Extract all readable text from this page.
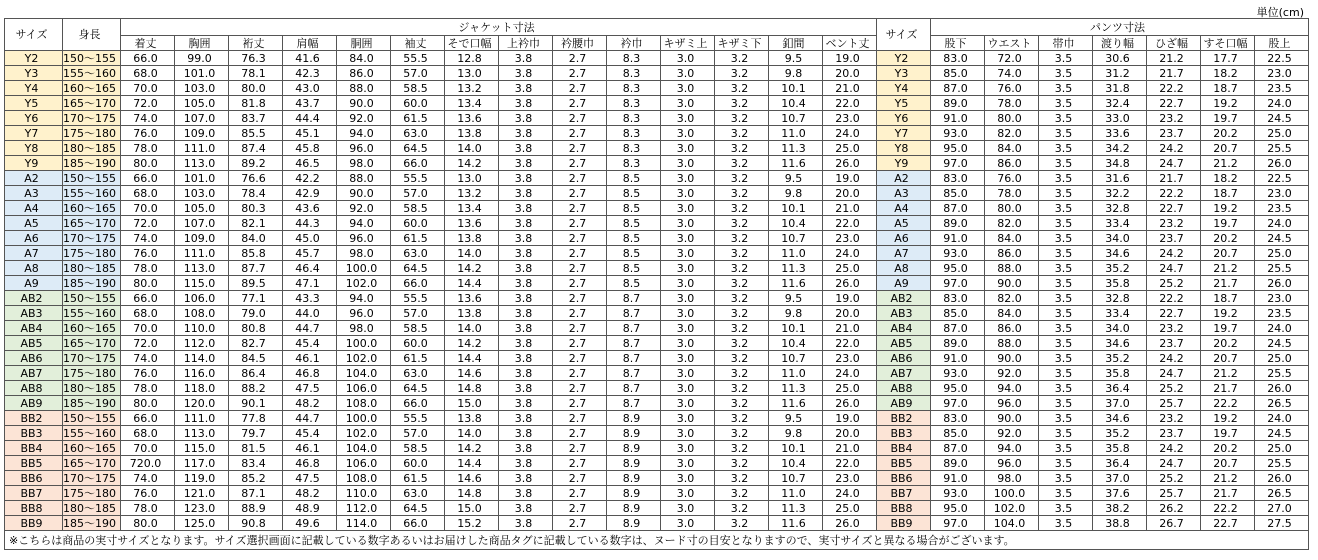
単位(cm)
サイズ	身長	ジャケット寸法														サイズ	パンツ寸法						
		着丈	胸囲	裄丈	肩幅	胴囲	袖丈	そで口幅	上衿巾	衿腰巾	衿巾	キザミ上	キザミ下	釦間	ベント丈		股下	ウエスト	帯巾	渡り幅	ひざ幅	すそ口幅	股上
Y2	150～155	66.0	99.0	76.3	41.6	84.0	55.5	12.8	3.8	2.7	8.3	3.0	3.2	9.5	19.0	Y2	83.0	72.0	3.5	30.6	21.2	17.7	22.5
Y3	155～160	68.0	101.0	78.1	42.3	86.0	57.0	13.0	3.8	2.7	8.3	3.0	3.2	9.8	20.0	Y3	85.0	74.0	3.5	31.2	21.7	18.2	23.0
Y4	160～165	70.0	103.0	80.0	43.0	88.0	58.5	13.2	3.8	2.7	8.3	3.0	3.2	10.1	21.0	Y4	87.0	76.0	3.5	31.8	22.2	18.7	23.5
Y5	165～170	72.0	105.0	81.8	43.7	90.0	60.0	13.4	3.8	2.7	8.3	3.0	3.2	10.4	22.0	Y5	89.0	78.0	3.5	32.4	22.7	19.2	24.0
Y6	170～175	74.0	107.0	83.7	44.4	92.0	61.5	13.6	3.8	2.7	8.3	3.0	3.2	10.7	23.0	Y6	91.0	80.0	3.5	33.0	23.2	19.7	24.5
Y7	175～180	76.0	109.0	85.5	45.1	94.0	63.0	13.8	3.8	2.7	8.3	3.0	3.2	11.0	24.0	Y7	93.0	82.0	3.5	33.6	23.7	20.2	25.0
Y8	180～185	78.0	111.0	87.4	45.8	96.0	64.5	14.0	3.8	2.7	8.3	3.0	3.2	11.3	25.0	Y8	95.0	84.0	3.5	34.2	24.2	20.7	25.5
Y9	185～190	80.0	113.0	89.2	46.5	98.0	66.0	14.2	3.8	2.7	8.3	3.0	3.2	11.6	26.0	Y9	97.0	86.0	3.5	34.8	24.7	21.2	26.0
A2	150～155	66.0	101.0	76.6	42.2	88.0	55.5	13.0	3.8	2.7	8.5	3.0	3.2	9.5	19.0	A2	83.0	76.0	3.5	31.6	21.7	18.2	22.5
A3	155～160	68.0	103.0	78.4	42.9	90.0	57.0	13.2	3.8	2.7	8.5	3.0	3.2	9.8	20.0	A3	85.0	78.0	3.5	32.2	22.2	18.7	23.0
A4	160～165	70.0	105.0	80.3	43.6	92.0	58.5	13.4	3.8	2.7	8.5	3.0	3.2	10.1	21.0	A4	87.0	80.0	3.5	32.8	22.7	19.2	23.5
A5	165～170	72.0	107.0	82.1	44.3	94.0	60.0	13.6	3.8	2.7	8.5	3.0	3.2	10.4	22.0	A5	89.0	82.0	3.5	33.4	23.2	19.7	24.0
A6	170～175	74.0	109.0	84.0	45.0	96.0	61.5	13.8	3.8	2.7	8.5	3.0	3.2	10.7	23.0	A6	91.0	84.0	3.5	34.0	23.7	20.2	24.5
A7	175～180	76.0	111.0	85.8	45.7	98.0	63.0	14.0	3.8	2.7	8.5	3.0	3.2	11.0	24.0	A7	93.0	86.0	3.5	34.6	24.2	20.7	25.0
A8	180～185	78.0	113.0	87.7	46.4	100.0	64.5	14.2	3.8	2.7	8.5	3.0	3.2	11.3	25.0	A8	95.0	88.0	3.5	35.2	24.7	21.2	25.5
A9	185～190	80.0	115.0	89.5	47.1	102.0	66.0	14.4	3.8	2.7	8.5	3.0	3.2	11.6	26.0	A9	97.0	90.0	3.5	35.8	25.2	21.7	26.0
AB2	150～155	66.0	106.0	77.1	43.3	94.0	55.5	13.6	3.8	2.7	8.7	3.0	3.2	9.5	19.0	AB2	83.0	82.0	3.5	32.8	22.2	18.7	23.0
AB3	155～160	68.0	108.0	79.0	44.0	96.0	57.0	13.8	3.8	2.7	8.7	3.0	3.2	9.8	20.0	AB3	85.0	84.0	3.5	33.4	22.7	19.2	23.5
AB4	160～165	70.0	110.0	80.8	44.7	98.0	58.5	14.0	3.8	2.7	8.7	3.0	3.2	10.1	21.0	AB4	87.0	86.0	3.5	34.0	23.2	19.7	24.0
AB5	165～170	72.0	112.0	82.7	45.4	100.0	60.0	14.2	3.8	2.7	8.7	3.0	3.2	10.4	22.0	AB5	89.0	88.0	3.5	34.6	23.7	20.2	24.5
AB6	170～175	74.0	114.0	84.5	46.1	102.0	61.5	14.4	3.8	2.7	8.7	3.0	3.2	10.7	23.0	AB6	91.0	90.0	3.5	35.2	24.2	20.7	25.0
AB7	175～180	76.0	116.0	86.4	46.8	104.0	63.0	14.6	3.8	2.7	8.7	3.0	3.2	11.0	24.0	AB7	93.0	92.0	3.5	35.8	24.7	21.2	25.5
AB8	180～185	78.0	118.0	88.2	47.5	106.0	64.5	14.8	3.8	2.7	8.7	3.0	3.2	11.3	25.0	AB8	95.0	94.0	3.5	36.4	25.2	21.7	26.0
AB9	185～190	80.0	120.0	90.1	48.2	108.0	66.0	15.0	3.8	2.7	8.7	3.0	3.2	11.6	26.0	AB9	97.0	96.0	3.5	37.0	25.7	22.2	26.5
BB2	150～155	66.0	111.0	77.8	44.7	100.0	55.5	13.8	3.8	2.7	8.9	3.0	3.2	9.5	19.0	BB2	83.0	90.0	3.5	34.6	23.2	19.2	24.0
BB3	155～160	68.0	113.0	79.7	45.4	102.0	57.0	14.0	3.8	2.7	8.9	3.0	3.2	9.8	20.0	BB3	85.0	92.0	3.5	35.2	23.7	19.7	24.5
BB4	160～165	70.0	115.0	81.5	46.1	104.0	58.5	14.2	3.8	2.7	8.9	3.0	3.2	10.1	21.0	BB4	87.0	94.0	3.5	35.8	24.2	20.2	25.0
BB5	165～170	720.0	117.0	83.4	46.8	106.0	60.0	14.4	3.8	2.7	8.9	3.0	3.2	10.4	22.0	BB5	89.0	96.0	3.5	36.4	24.7	20.7	25.5
BB6	170～175	74.0	119.0	85.2	47.5	108.0	61.5	14.6	3.8	2.7	8.9	3.0	3.2	10.7	23.0	BB6	91.0	98.0	3.5	37.0	25.2	21.2	26.0
BB7	175～180	76.0	121.0	87.1	48.2	110.0	63.0	14.8	3.8	2.7	8.9	3.0	3.2	11.0	24.0	BB7	93.0	100.0	3.5	37.6	25.7	21.7	26.5
BB8	180～185	78.0	123.0	88.9	48.9	112.0	64.5	15.0	3.8	2.7	8.9	3.0	3.2	11.3	25.0	BB8	95.0	102.0	3.5	38.2	26.2	22.2	27.0
BB9	185～190	80.0	125.0	90.8	49.6	114.0	66.0	15.2	3.8	2.7	8.9	3.0	3.2	11.6	26.0	BB9	97.0	104.0	3.5	38.8	26.7	22.7	27.5
※こちらは商品の実寸サイズとなります。サイズ選択画面に記載している数字あるいはお届けした商品タグに記載している数字は、ヌード寸の目安となりますので、実寸サイズと異なる場合がございます。																							
